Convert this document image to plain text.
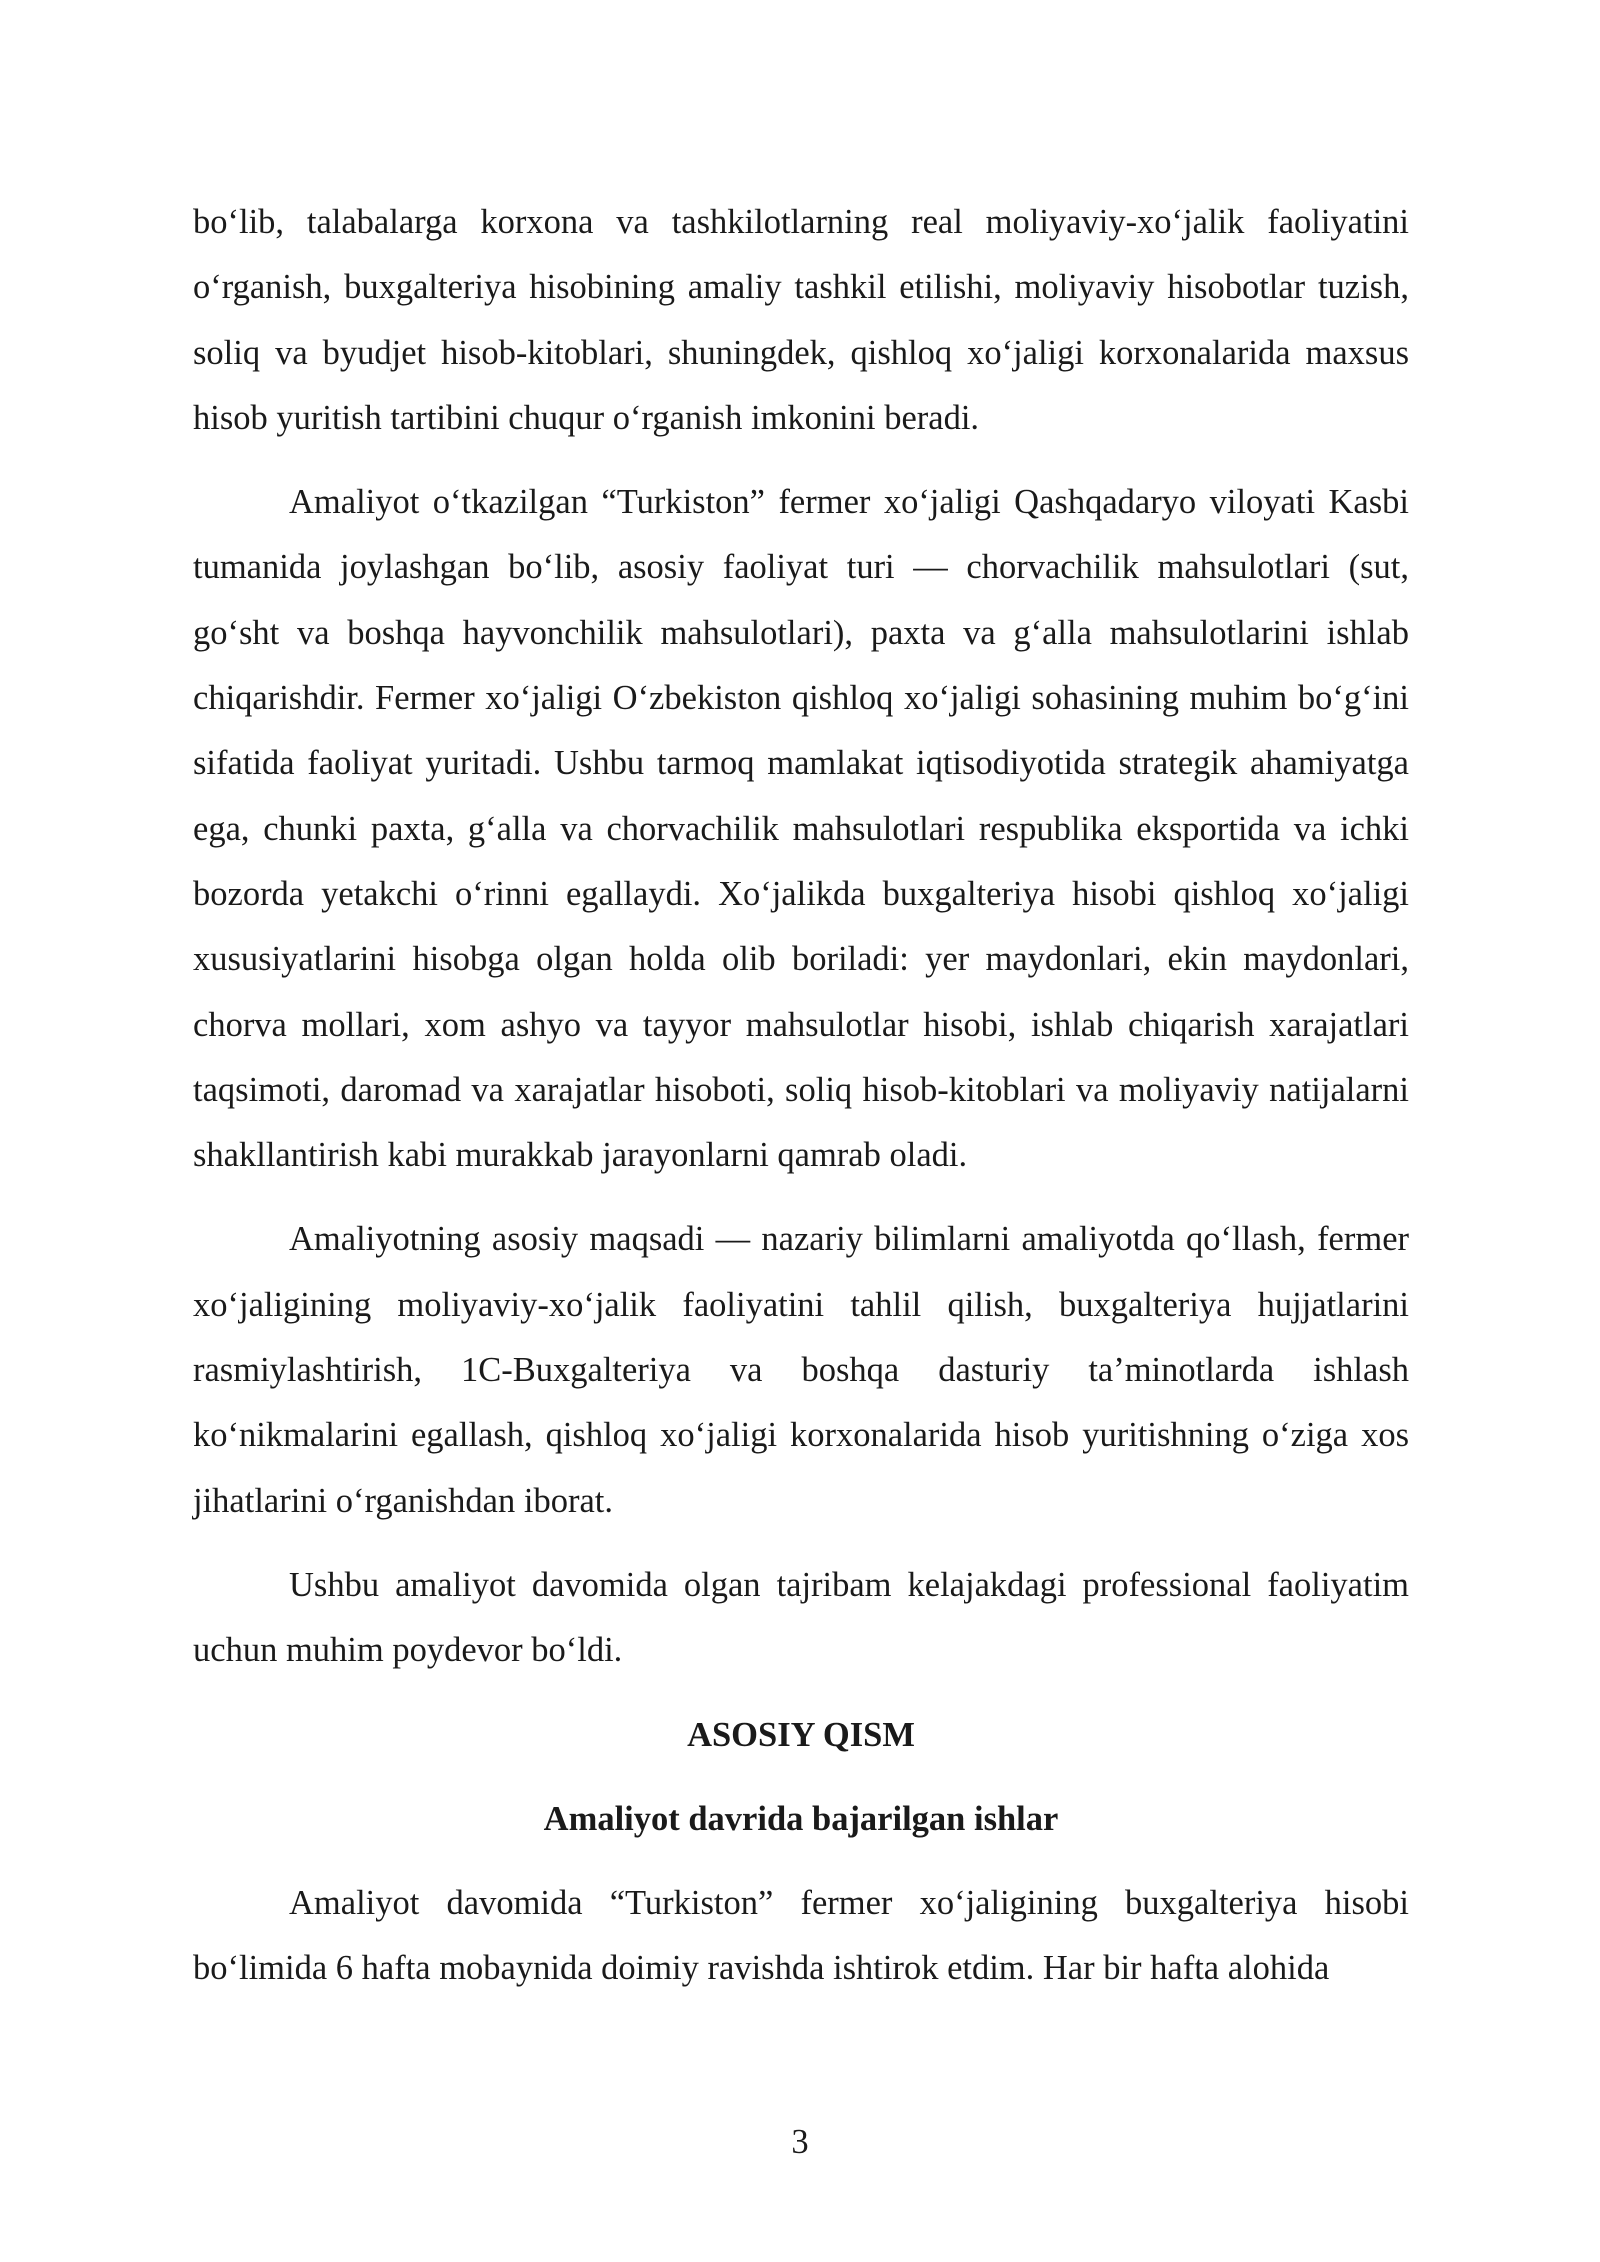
bo‘lib, talabalarga korxona va tashkilotlarning real moliyaviy-xo‘jalik faoliyatini o‘rganish, buxgalteriya hisobining amaliy tashkil etilishi, moliyaviy hisobotlar tuzish, soliq va byudjet hisob-kitoblari, shuningdek, qishloq xo‘jaligi korxonalarida maxsus hisob yuritish tartibini chuqur o‘rganish imkonini beradi.

Amaliyot o‘tkazilgan “Turkiston” fermer xo‘jaligi Qashqadaryo viloyati Kasbi tumanida joylashgan bo‘lib, asosiy faoliyat turi — chorvachilik mahsulotlari (sut, go‘sht va boshqa hayvonchilik mahsulotlari), paxta va g‘alla mahsulotlarini ishlab chiqarishdir. Fermer xo‘jaligi O‘zbekiston qishloq xo‘jaligi sohasining muhim bo‘g‘ini sifatida faoliyat yuritadi. Ushbu tarmoq mamlakat iqtisodiyotida strategik ahamiyatga ega, chunki paxta, g‘alla va chorvachilik mahsulotlari respublika eksportida va ichki bozorda yetakchi o‘rinni egallaydi. Xo‘jalikda buxgalteriya hisobi qishloq xo‘jaligi xususiyatlarini hisobga olgan holda olib boriladi: yer maydonlari, ekin maydonlari, chorva mollari, xom ashyo va tayyor mahsulotlar hisobi, ishlab chiqarish xarajatlari taqsimoti, daromad va xarajatlar hisoboti, soliq hisob-kitoblari va moliyaviy natijalarni shakllantirish kabi murakkab jarayonlarni qamrab oladi.

Amaliyotning asosiy maqsadi — nazariy bilimlarni amaliyotda qo‘llash, fermer xo‘jaligining moliyaviy-xo‘jalik faoliyatini tahlil qilish, buxgalteriya hujjatlarini rasmiylashtirish, 1C-Buxgalteriya va boshqa dasturiy ta’minotlarda ishlash ko‘nikmalarini egallash, qishloq xo‘jaligi korxonalarida hisob yuritishning o‘ziga xos jihatlarini o‘rganishdan iborat.

Ushbu amaliyot davomida olgan tajribam kelajakdagi professional faoliyatim uchun muhim poydevor bo‘ldi.

ASOSIY QISM

Amaliyot davrida bajarilgan ishlar

Amaliyot davomida “Turkiston” fermer xo‘jaligining buxgalteriya hisobi bo‘limida 6 hafta mobaynida doimiy ravishda ishtirok etdim. Har bir hafta alohida

3
